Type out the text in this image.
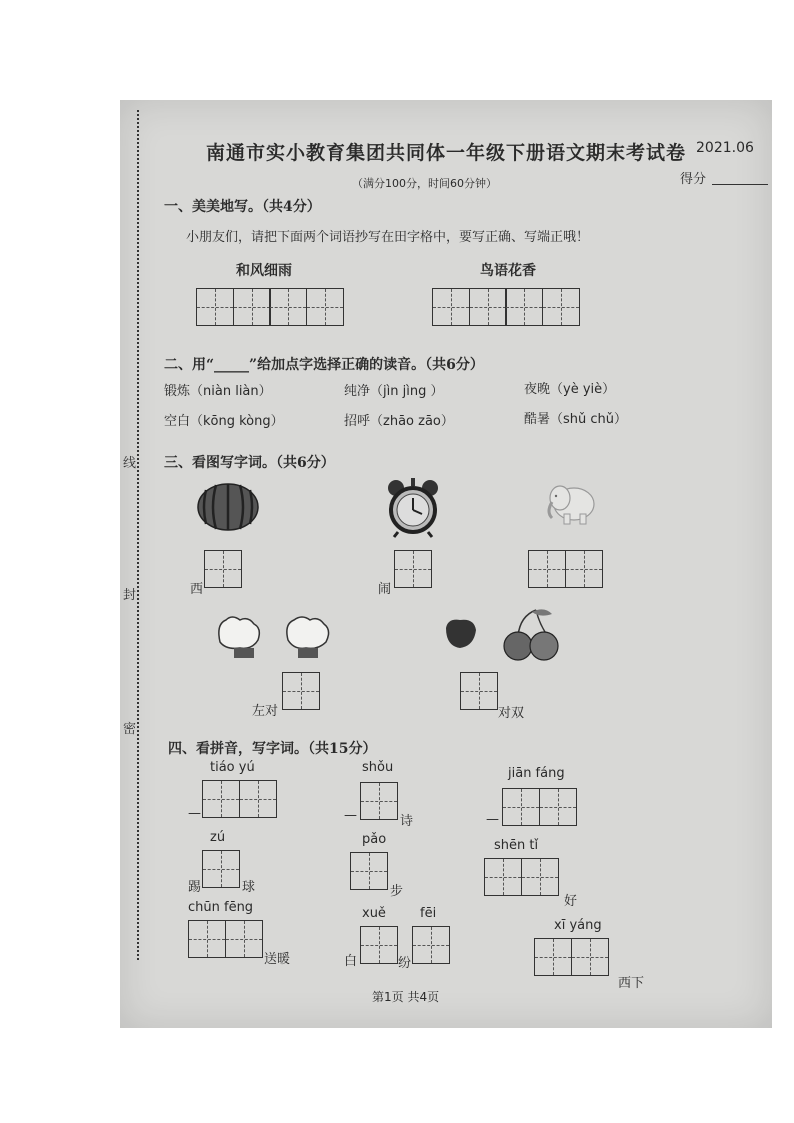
线
封
密
南通市实小教育集团共同体一年级下册语文期末考试卷 2021.06
（满分100分，时间60分钟）	得分
一、美美地写。（共4分）
小朋友们，请把下面两个词语抄写在田字格中，要写正确、写端正哦！
和风细雨	鸟语花香
二、用“_____”给加点字选择正确的读音。（共6分）
锻炼（niàn liàn）	纯净（jìn jìng ）	夜晚（yè yiè）
空白（kōng kòng）	招呼（zhāo zāo）	酷暑（shǔ chǔ）
三、看图写字词。（共6分）
西	闹
左对	对双
四、看拼音，写字词。（共15分）
tiáo yú
—
shǒu
—	诗
jiān fáng
—
zú
踢	球
pǎo
步
shēn tǐ
好
chūn fēng
送暖
xuě
白	纷
fēi
xī yáng
西下
第1页 共4页
